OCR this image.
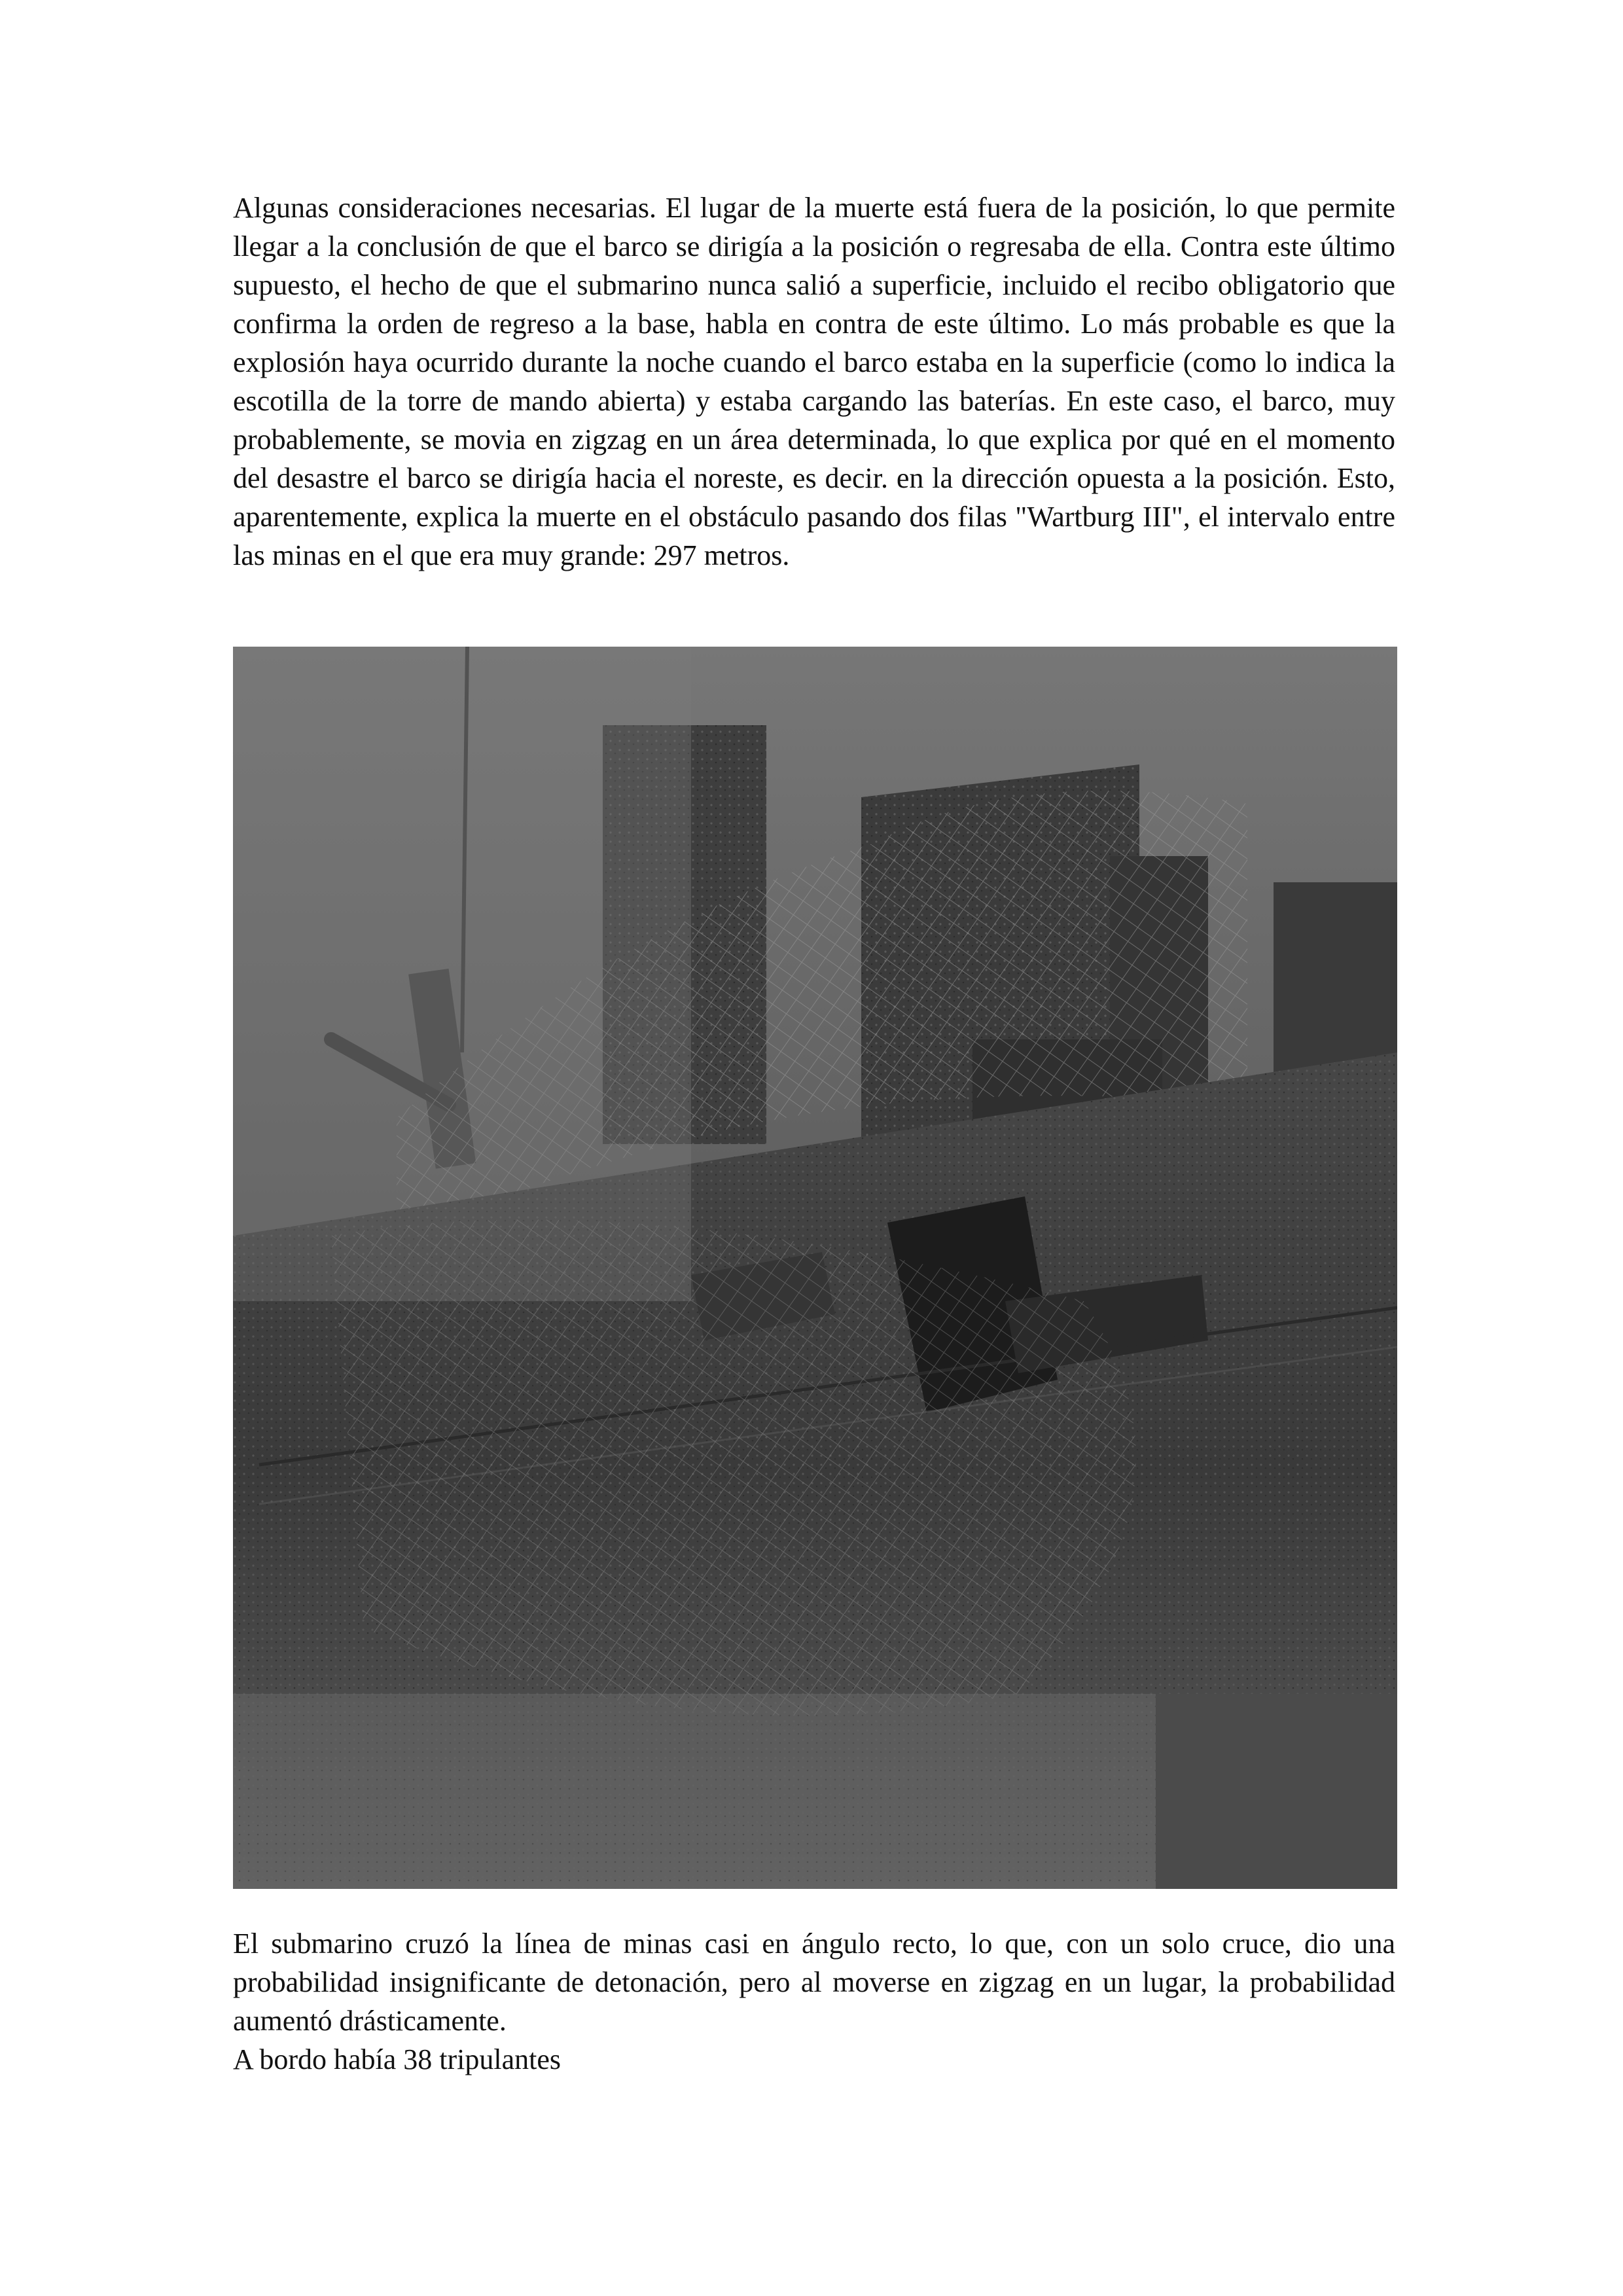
Algunas consideraciones necesarias. El lugar de la muerte está fuera de la posición, lo que permite llegar a la conclusión de que el barco se dirigía a la posición o regresaba de ella. Contra este último supuesto, el hecho de que el submarino nunca salió a superficie, incluido el recibo obligatorio que confirma la orden de regreso a la base, habla en contra de este último. Lo más probable es que la explosión haya ocurrido durante la noche cuando el barco estaba en la superficie (como lo indica la escotilla de la torre de mando abierta) y estaba cargando las baterías. En este caso, el barco, muy probablemente, se movia en zigzag en un área determinada, lo que explica por qué en el momento del desastre el barco se dirigía hacia el noreste, es decir. en la dirección opuesta a la posición. Esto, aparentemente, explica la muerte en el obstáculo pasando dos filas "Wartburg III", el intervalo entre las minas en el que era muy grande: 297 metros.

El submarino cruzó la línea de minas casi en ángulo recto, lo que, con un solo cruce, dio una probabilidad insignificante de detonación, pero al moverse en zigzag en un lugar, la probabilidad aumentó drásticamente.

A bordo había 38 tripulantes
